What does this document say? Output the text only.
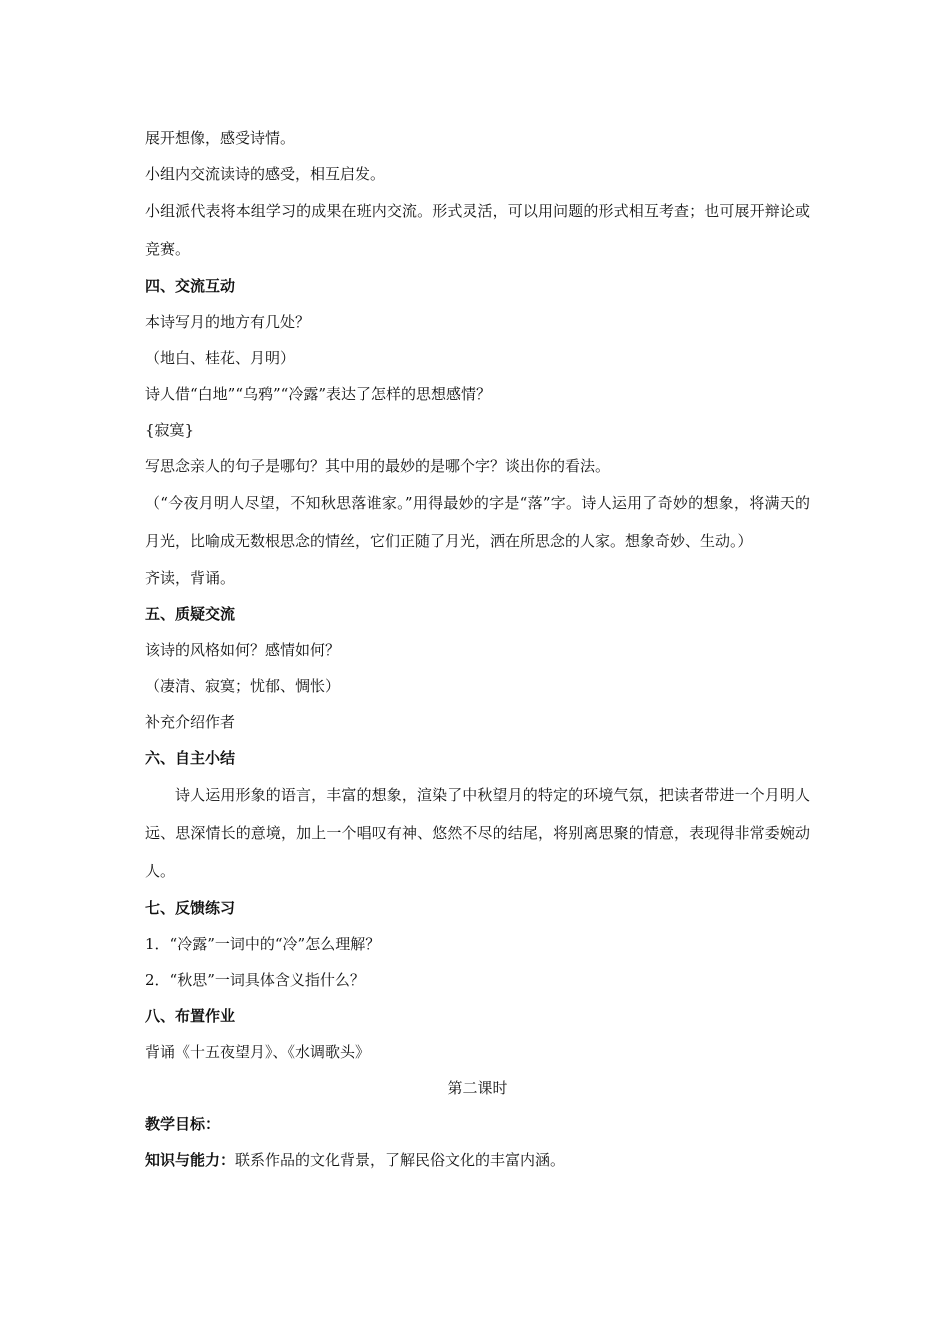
展开想像，感受诗情。
小组内交流读诗的感受，相互启发。
小组派代表将本组学习的成果在班内交流。形式灵活，可以用问题的形式相互考查；也可展开辩论或竞赛。
四、交流互动
本诗写月的地方有几处？
（地白、桂花、月明）
诗人借“白地”“乌鸦”“冷露”表达了怎样的思想感情？
{寂寞}
写思念亲人的句子是哪句？其中用的最妙的是哪个字？谈出你的看法。
（“今夜月明人尽望，不知秋思落谁家。”用得最妙的字是“落”字。诗人运用了奇妙的想象，将满天的月光，比喻成无数根思念的情丝，它们正随了月光，洒在所思念的人家。想象奇妙、生动。）
齐读，背诵。
五、质疑交流
该诗的风格如何？感情如何？
（凄清、寂寞；忧郁、惆怅）
补充介绍作者
六、自主小结
诗人运用形象的语言，丰富的想象，渲染了中秋望月的特定的环境气氛，把读者带进一个月明人远、思深情长的意境，加上一个唱叹有神、悠然不尽的结尾，将别离思聚的情意，表现得非常委婉动人。
七、反馈练习
1．“冷露”一词中的“冷”怎么理解？
2．“秋思”一词具体含义指什么？
八、布置作业
背诵《十五夜望月》、《水调歌头》
第二课时
教学目标：
知识与能力：联系作品的文化背景，了解民俗文化的丰富内涵。
